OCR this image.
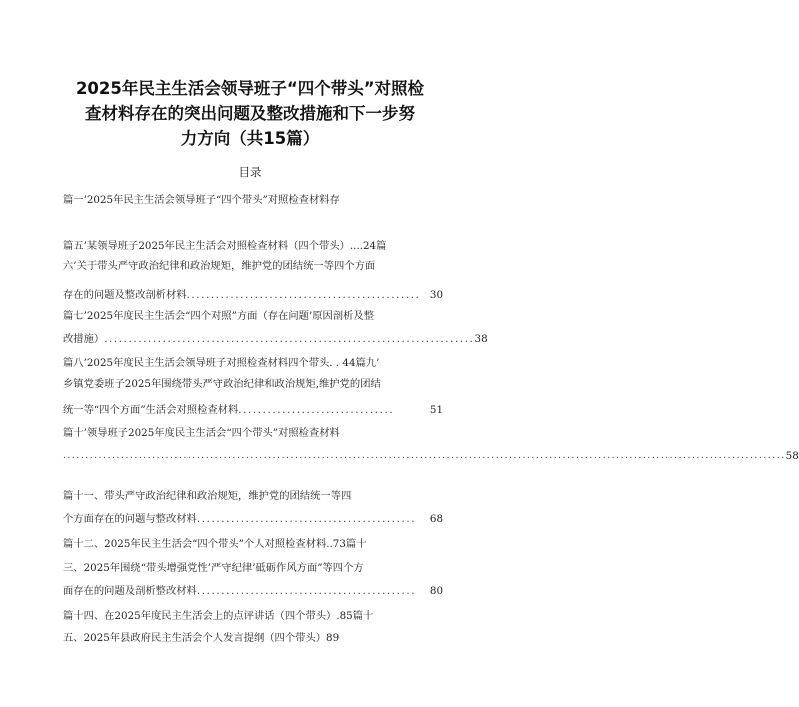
2025年民主生活会领导班子“四个带头”对照检
查材料存在的突出问题及整改措施和下一步努
力方向（共15篇）
目录
篇一’2025年民主生活会领导班子“四个带头”对照检查材料存
篇五’某领导班子2025年民主生活会对照检查材料（四个带头）....24篇
六’关于带头严守政治纪律和政治规矩，维护党的团结统一等四个方面
存在的问题及整改剖析材料 ................................................ 30
篇七’2025年度民主生活会“四个对照”方面（存在问题’原因剖析及整
改措施） ............................................................................ 38
篇八’2025年度民主生活会领导班子对照检查材料四个带头. . 44篇九’
乡镇党委班子2025年围绕带头严守政治纪律和政治规矩,维护党的团结
统一等“四个方面”生活会对照检查材料 ................................	51
篇十’领导班子2025年度民主生活会“四个带头”对照检查材料
.................................................................................................................................................................. 58
篇十一、带头严守政治纪律和政治规矩，维护党的团结统一等四
个方面存在的问题与整改材料 .............................................	68
篇十二、2025年民主生活会“四个带头”个人对照检查材料..73篇十
三、2025年围绕“带头增强党性’严守纪律’砥砺作风方面”等四个方
面存在的问题及剖析整改材料 .............................................	80
篇十四、在2025年度民主生活会上的点评讲话（四个带头）.85篇十
五、2025年县政府民主生活会个人发言提纲（四个带头）89
